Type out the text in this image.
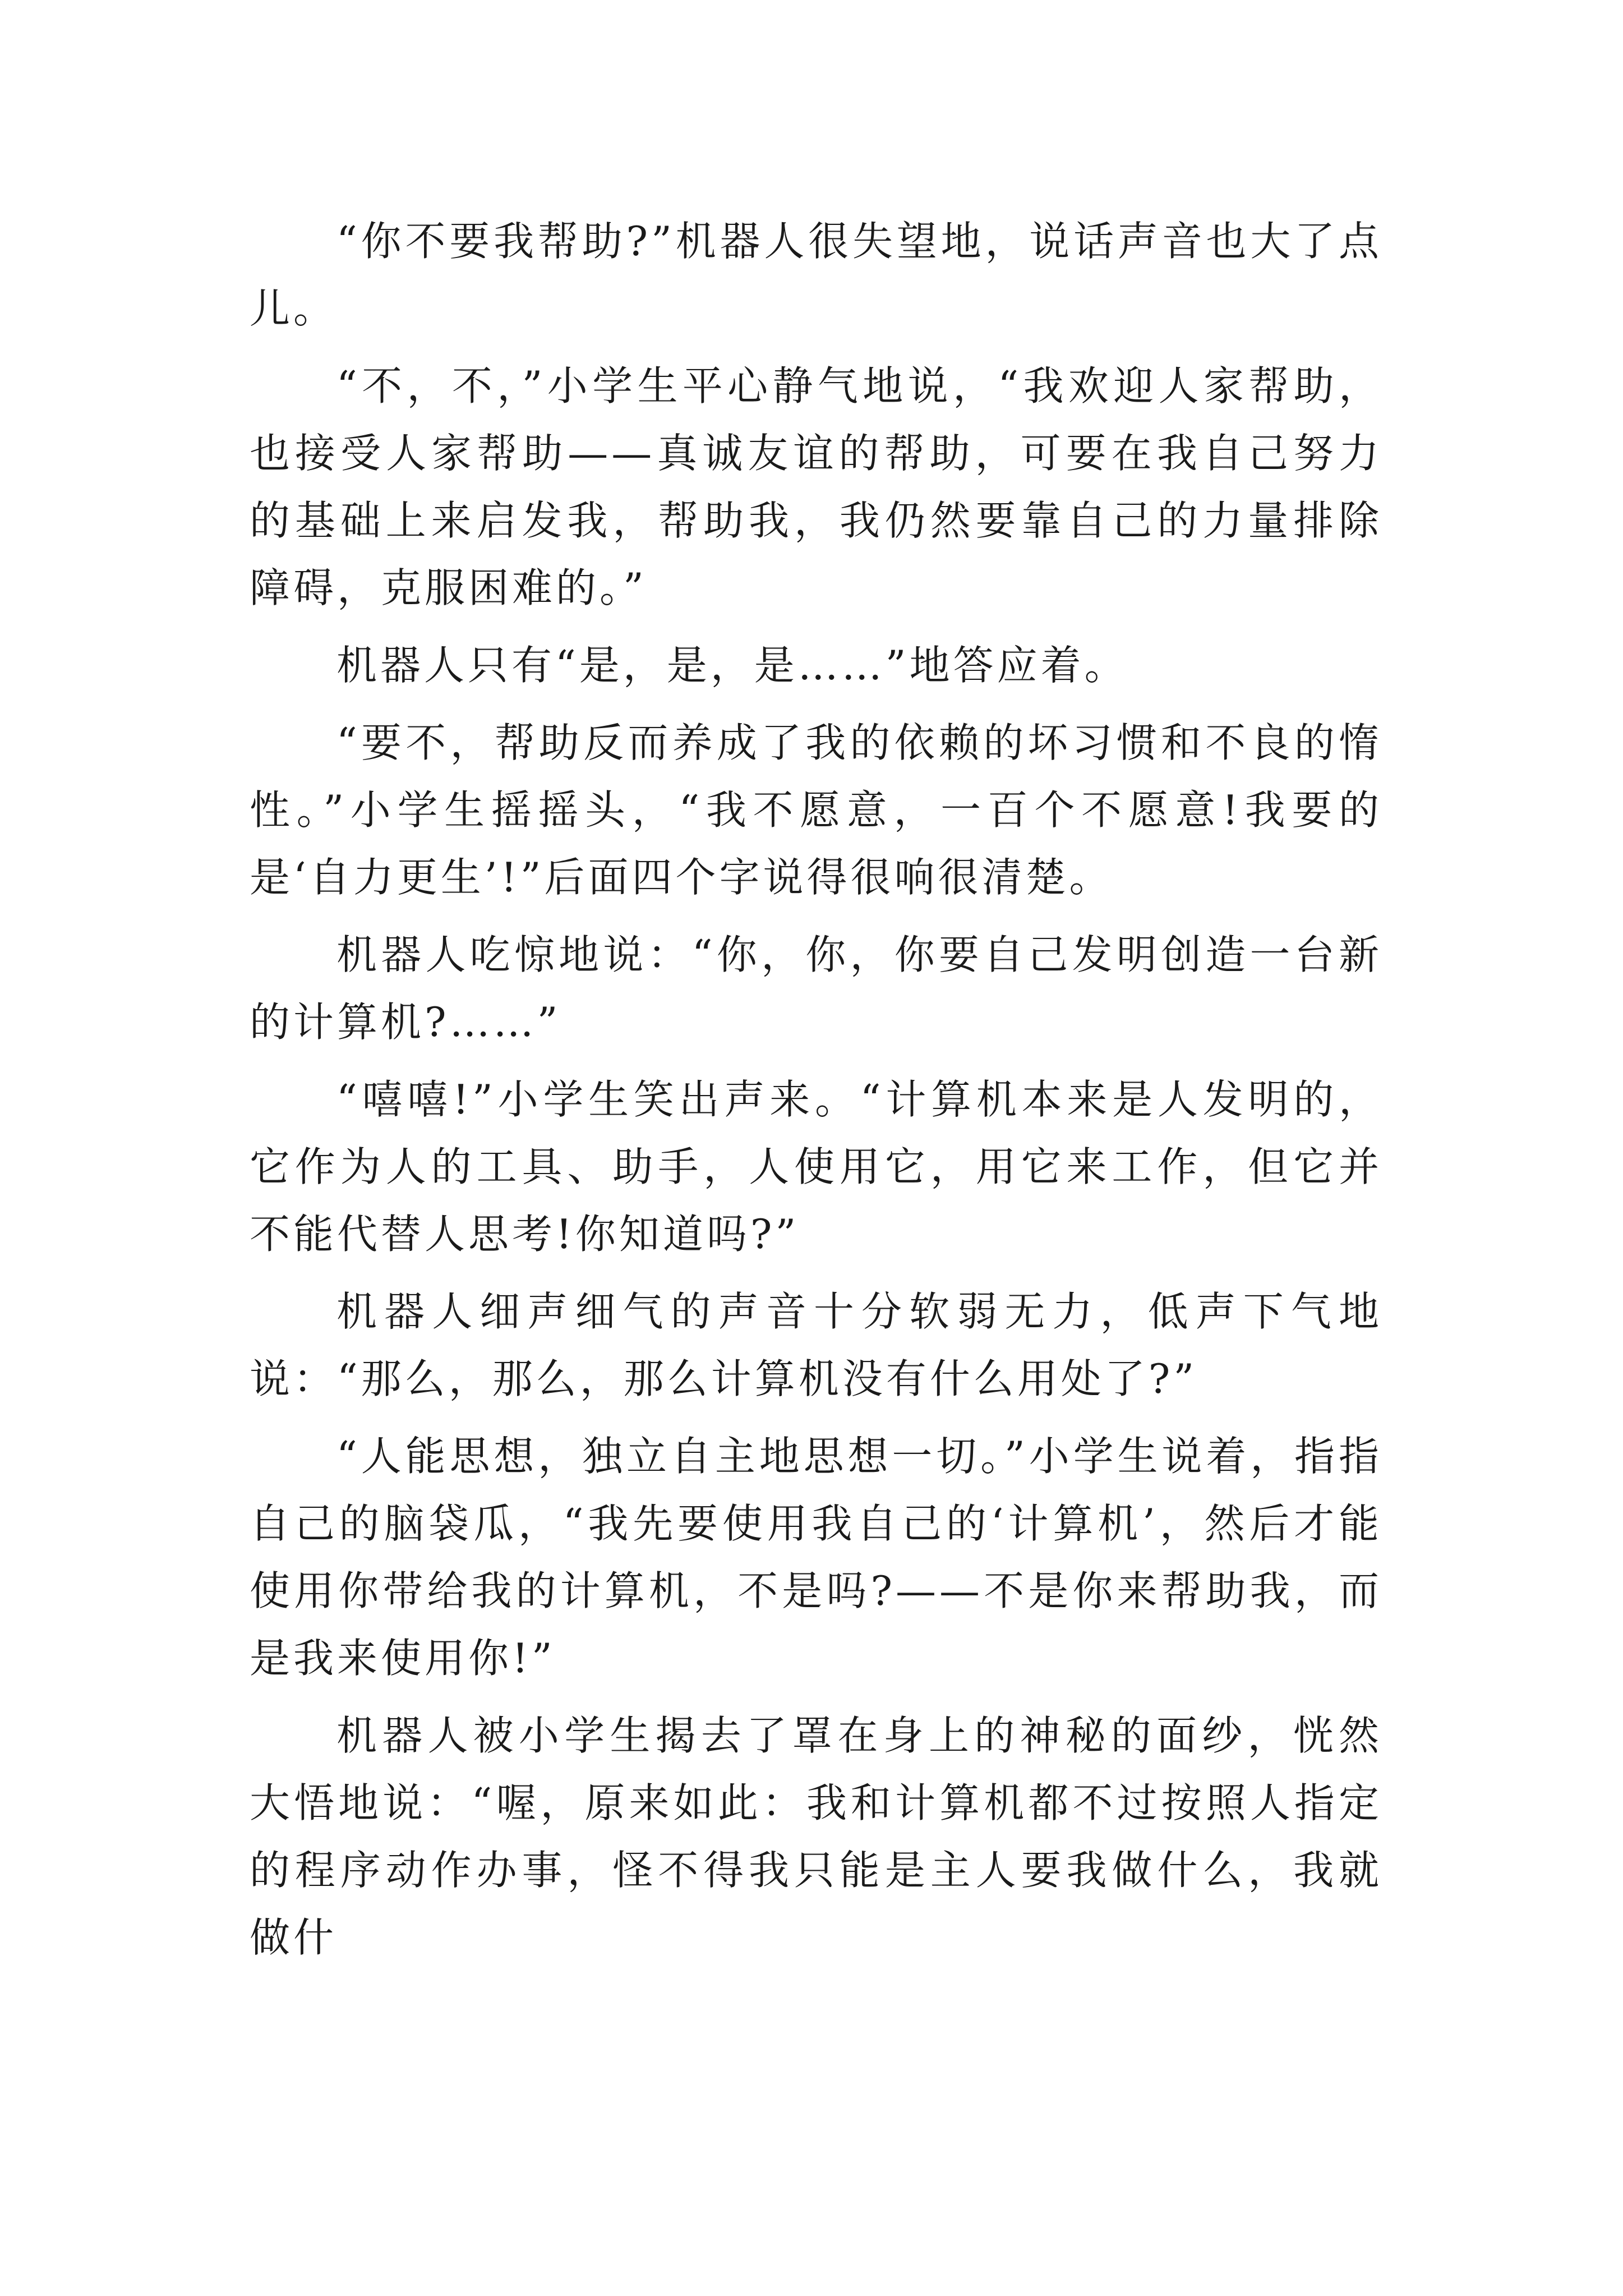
“你不要我帮助?”机器人很失望地，说话声音也大了点儿。

“不，不，”小学生平心静气地说，“我欢迎人家帮助，也接受人家帮助——真诚友谊的帮助，可要在我自己努力的基础上来启发我，帮助我，我仍然要靠自己的力量排除障碍，克服困难的。”

机器人只有“是，是，是……”地答应着。

“要不，帮助反而养成了我的依赖的坏习惯和不良的惰性。”小学生摇摇头，“我不愿意，一百个不愿意!我要的是‘自力更生’!”后面四个字说得很响很清楚。

机器人吃惊地说：“你，你，你要自己发明创造一台新的计算机?……”

“嘻嘻!”小学生笑出声来。“计算机本来是人发明的，它作为人的工具、助手，人使用它，用它来工作，但它并不能代替人思考!你知道吗?”

机器人细声细气的声音十分软弱无力，低声下气地说：“那么，那么，那么计算机没有什么用处了?”

“人能思想，独立自主地思想一切。”小学生说着，指指自己的脑袋瓜，“我先要使用我自己的‘计算机’，然后才能使用你带给我的计算机，不是吗?——不是你来帮助我，而是我来使用你!”

机器人被小学生揭去了罩在身上的神秘的面纱，恍然大悟地说：“喔，原来如此：我和计算机都不过按照人指定的程序动作办事，怪不得我只能是主人要我做什么，我就做什
